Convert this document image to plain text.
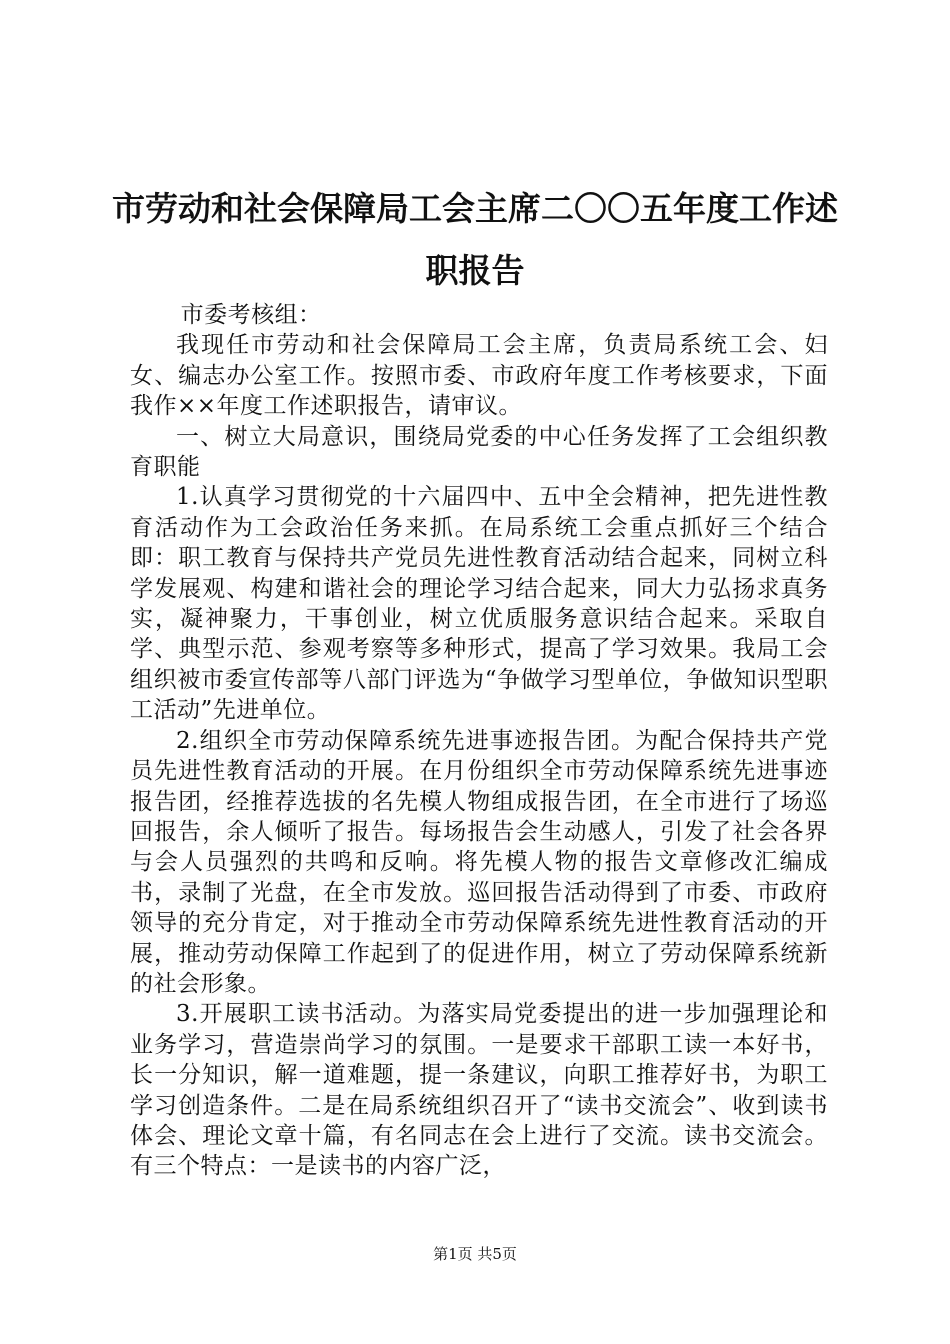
市劳动和社会保障局工会主席二〇〇五年度工作述职报告

市委考核组：

我现任市劳动和社会保障局工会主席，负责局系统工会、妇女、编志办公室工作。按照市委、市政府年度工作考核要求，下面我作××年度工作述职报告，请审议。

一、树立大局意识，围绕局党委的中心任务发挥了工会组织教育职能

1.认真学习贯彻党的十六届四中、五中全会精神，把先进性教育活动作为工会政治任务来抓。在局系统工会重点抓好三个结合即：职工教育与保持共产党员先进性教育活动结合起来，同树立科学发展观、构建和谐社会的理论学习结合起来，同大力弘扬求真务实，凝神聚力，干事创业，树立优质服务意识结合起来。采取自学、典型示范、参观考察等多种形式，提高了学习效果。我局工会组织被市委宣传部等八部门评选为“争做学习型单位，争做知识型职工活动”先进单位。

2.组织全市劳动保障系统先进事迹报告团。为配合保持共产党员先进性教育活动的开展。在月份组织全市劳动保障系统先进事迹报告团，经推荐选拔的名先模人物组成报告团，在全市进行了场巡回报告，余人倾听了报告。每场报告会生动感人，引发了社会各界与会人员强烈的共鸣和反响。将先模人物的报告文章修改汇编成书，录制了光盘，在全市发放。巡回报告活动得到了市委、市政府领导的充分肯定，对于推动全市劳动保障系统先进性教育活动的开展，推动劳动保障工作起到了的促进作用，树立了劳动保障系统新的社会形象。

3.开展职工读书活动。为落实局党委提出的进一步加强理论和业务学习，营造崇尚学习的氛围。一是要求干部职工读一本好书，长一分知识，解一道难题，提一条建议，向职工推荐好书，为职工学习创造条件。二是在局系统组织召开了“读书交流会”、收到读书体会、理论文章十篇，有名同志在会上进行了交流。读书交流会。有三个特点：一是读书的内容广泛，

第1页 共5页
